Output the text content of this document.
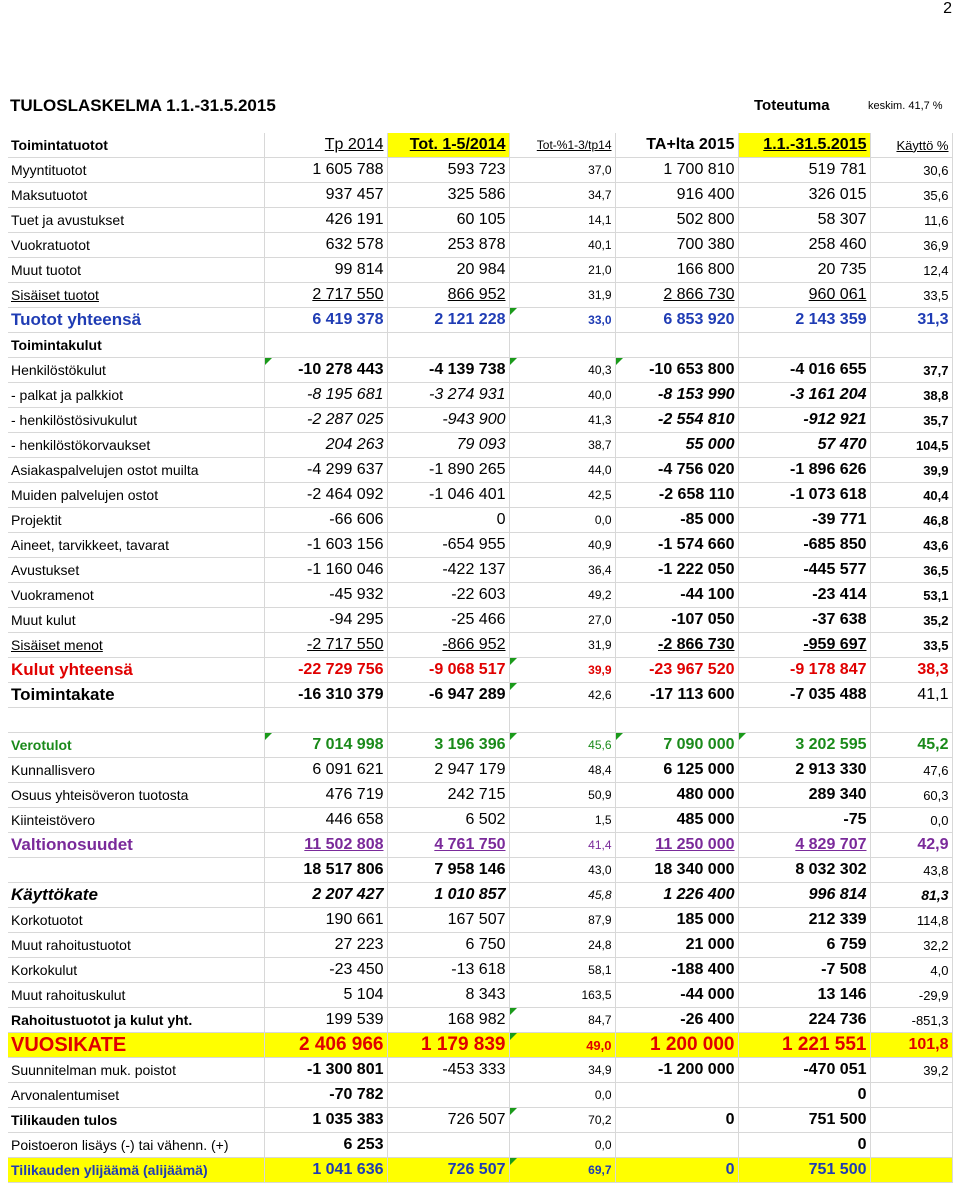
2
TULOSLASKELMA 1.1.-31.5.2015	Toteutuma	keskim. 41,7 %
Toimintatuotot	Tp 2014	Tot. 1-5/2014	Tot-%1-3/tp14	TA+lta 2015	1.1.-31.5.2015	Käyttö %
Myyntituotot	1 605 788	593 723	37,0	1 700 810	519 781	30,6
Maksutuotot	937 457	325 586	34,7	916 400	326 015	35,6
Tuet ja avustukset	426 191	60 105	14,1	502 800	58 307	11,6
Vuokratuotot	632 578	253 878	40,1	700 380	258 460	36,9
Muut tuotot	99 814	20 984	21,0	166 800	20 735	12,4
Sisäiset tuotot	2 717 550	866 952	31,9	2 866 730	960 061	33,5
Tuotot yhteensä	6 419 378	2 121 228	33,0	6 853 920	2 143 359	31,3
Toimintakulut						
Henkilöstökulut	-10 278 443	-4 139 738	40,3	-10 653 800	-4 016 655	37,7
- palkat ja palkkiot	-8 195 681	-3 274 931	40,0	-8 153 990	-3 161 204	38,8
- henkilöstösivukulut	-2 287 025	-943 900	41,3	-2 554 810	-912 921	35,7
- henkilöstökorvaukset	204 263	79 093	38,7	55 000	57 470	104,5
Asiakaspalvelujen ostot muilta	-4 299 637	-1 890 265	44,0	-4 756 020	-1 896 626	39,9
Muiden palvelujen ostot	-2 464 092	-1 046 401	42,5	-2 658 110	-1 073 618	40,4
Projektit	-66 606	0	0,0	-85 000	-39 771	46,8
Aineet, tarvikkeet, tavarat	-1 603 156	-654 955	40,9	-1 574 660	-685 850	43,6
Avustukset	-1 160 046	-422 137	36,4	-1 222 050	-445 577	36,5
Vuokramenot	-45 932	-22 603	49,2	-44 100	-23 414	53,1
Muut kulut	-94 295	-25 466	27,0	-107 050	-37 638	35,2
Sisäiset menot	-2 717 550	-866 952	31,9	-2 866 730	-959 697	33,5
Kulut yhteensä	-22 729 756	-9 068 517	39,9	-23 967 520	-9 178 847	38,3
Toimintakate	-16 310 379	-6 947 289	42,6	-17 113 600	-7 035 488	41,1

Verotulot	7 014 998	3 196 396	45,6	7 090 000	3 202 595	45,2
Kunnallisvero	6 091 621	2 947 179	48,4	6 125 000	2 913 330	47,6
Osuus yhteisöveron tuotosta	476 719	242 715	50,9	480 000	289 340	60,3
Kiinteistövero	446 658	6 502	1,5	485 000	-75	0,0
Valtionosuudet	11 502 808	4 761 750	41,4	11 250 000	4 829 707	42,9
	18 517 806	7 958 146	43,0	18 340 000	8 032 302	43,8
Käyttökate	2 207 427	1 010 857	45,8	1 226 400	996 814	81,3
Korkotuotot	190 661	167 507	87,9	185 000	212 339	114,8
Muut rahoitustuotot	27 223	6 750	24,8	21 000	6 759	32,2
Korkokulut	-23 450	-13 618	58,1	-188 400	-7 508	4,0
Muut rahoituskulut	5 104	8 343	163,5	-44 000	13 146	-29,9
Rahoitustuotot ja kulut yht.	199 539	168 982	84,7	-26 400	224 736	-851,3
VUOSIKATE	2 406 966	1 179 839	49,0	1 200 000	1 221 551	101,8
Suunnitelman muk. poistot	-1 300 801	-453 333	34,9	-1 200 000	-470 051	39,2
Arvonalentumiset	-70 782		0,0		0	
Tilikauden tulos	1 035 383	726 507	70,2	0	751 500	
Poistoeron lisäys (-) tai vähenn. (+)	6 253		0,0		0	
Tilikauden ylijäämä (alijäämä)	1 041 636	726 507	69,7	0	751 500	
